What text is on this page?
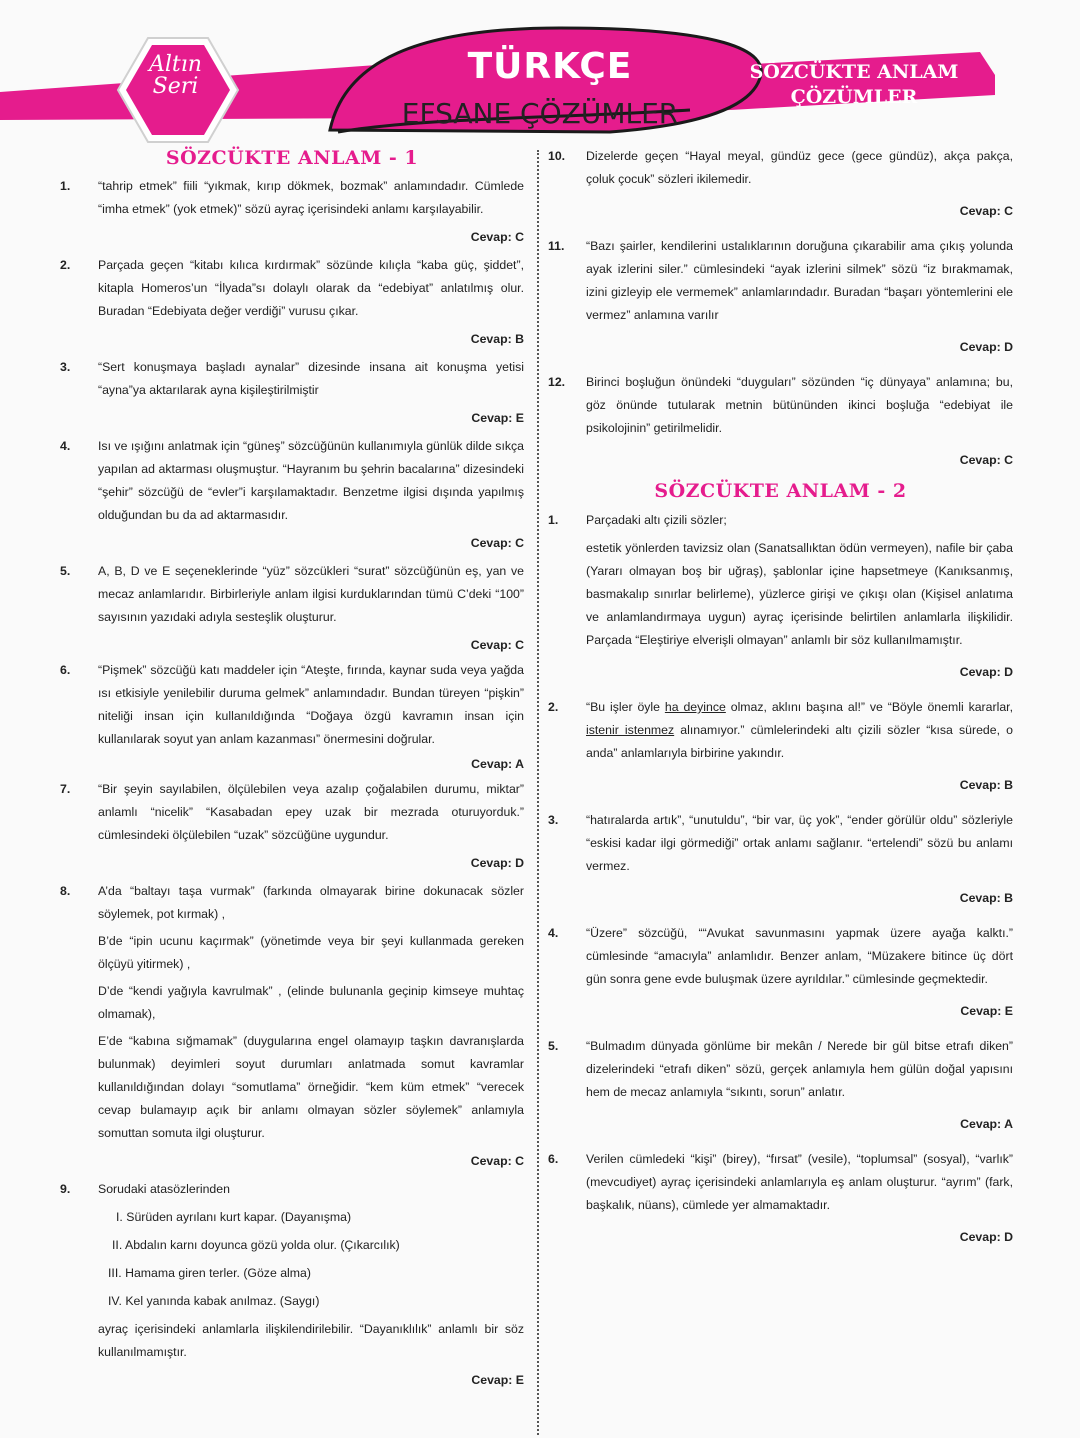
Altın
Seri	TÜRKÇE
EFSANE ÇÖZÜMLER
SÖZCÜKTE ANLAM
ÇÖZÜMLER
SÖZCÜKTE ANLAM - 1
1.	“tahrip etmek” fiili “yıkmak, kırıp dökmek, bozmak” anlamındadır. Cümlede “imha etmek” (yok etmek)” sözü ayraç içerisindeki anlamı karşılayabilir.
Cevap: C
2.	Parçada geçen “kitabı kılıca kırdırmak” sözünde kılıçla “kaba güç, şiddet”, kitapla Homeros’un “İlyada”sı dolaylı olarak da “edebiyat” anlatılmış olur. Buradan “Edebiyata değer verdiği” vurusu çıkar.
Cevap: B
3.	“Sert konuşmaya başladı aynalar” dizesinde insana ait konuşma yetisi “ayna”ya aktarılarak ayna kişileştirilmiştir
Cevap: E
4.	Isı ve ışığını anlatmak için “güneş” sözcüğünün kullanımıyla günlük dilde sıkça yapılan ad aktarması oluşmuştur. “Hayranım bu şehrin bacalarına” dizesindeki “şehir” sözcüğü de “evler”i karşılamaktadır. Benzetme ilgisi dışında yapılmış olduğundan bu da ad aktarmasıdır.
Cevap: C
5.	A, B, D ve E seçeneklerinde “yüz” sözcükleri “surat” sözcüğünün eş, yan ve mecaz anlamlarıdır. Birbirleriyle anlam ilgisi kurduklarından tümü C’deki “100” sayısının yazıdaki adıyla sesteşlik oluşturur.
Cevap: C
6.	“Pişmek” sözcüğü katı maddeler için “Ateşte, fırında, kaynar suda veya yağda ısı etkisiyle yenilebilir duruma gelmek” anlamındadır. Bundan türeyen “pişkin” niteliği insan için kullanıldığında “Doğaya özgü kavramın insan için kullanılarak soyut yan anlam kazanması” önermesini doğrular.
Cevap: A
7.	“Bir şeyin sayılabilen, ölçülebilen veya azalıp çoğalabilen durumu, miktar” anlamlı “nicelik” “Kasabadan epey uzak bir mezrada oturuyorduk.” cümlesindeki ölçülebilen “uzak” sözcüğüne uygundur.
Cevap: D
8.	A’da “baltayı taşa vurmak” (farkında olmayarak birine dokunacak sözler söylemek, pot kırmak) ,
B’de “ipin ucunu kaçırmak” (yönetimde veya bir şeyi kullanmada gereken ölçüyü yitirmek) ,
D’de “kendi yağıyla kavrulmak” , (elinde bulunanla geçinip kimseye muhtaç olmamak),
E’de “kabına sığmamak” (duygularına engel olamayıp taşkın davranışlarda bulunmak) deyimleri soyut durumları anlatmada somut kavramlar kullanıldığından dolayı “somutlama” örneğidir. “kem küm etmek” “verecek cevap bulamayıp açık bir anlamı olmayan sözler söylemek” anlamıyla somuttan somuta ilgi oluşturur.
Cevap: C
9.	Sorudaki atasözlerinden
I. Sürüden ayrılanı kurt kapar. (Dayanışma)
II. Abdalın karnı doyunca gözü yolda olur. (Çıkarcılık)
III. Hamama giren terler. (Göze alma)
IV. Kel yanında kabak anılmaz. (Saygı)
ayraç içerisindeki anlamlarla ilişkilendirilebilir. “Dayanıklılık” anlamlı bir söz kullanılmamıştır.
Cevap: E
10.	Dizelerde geçen “Hayal meyal, gündüz gece (gece gündüz), akça pakça, çoluk çocuk” sözleri ikilemedir.
Cevap: C
11.	“Bazı şairler, kendilerini ustalıklarının doruğuna çıkarabilir ama çıkış yolunda ayak izlerini siler.” cümlesindeki “ayak izlerini silmek” sözü “iz bırakmamak, izini gizleyip ele vermemek” anlamlarındadır. Buradan “başarı yöntemlerini ele vermez” anlamına varılır
Cevap: D
12.	Birinci boşluğun önündeki “duyguları” sözünden “iç dünyaya” anlamına; bu, göz önünde tutularak metnin bütününden ikinci boşluğa “edebiyat ile psikolojinin” getirilmelidir.
Cevap: C
SÖZCÜKTE ANLAM - 2
1.	Parçadaki altı çizili sözler;
estetik yönlerden tavizsiz olan (Sanatsallıktan ödün vermeyen), nafile bir çaba (Yararı olmayan boş bir uğraş), şablonlar içine hapsetmeye (Kanıksanmış, basmakalıp sınırlar belirleme), yüzlerce girişi ve çıkışı olan (Kişisel anlatıma ve anlamlandırmaya uygun) ayraç içerisinde belirtilen anlamlarla ilişkilidir. Parçada “Eleştiriye elverişli olmayan” anlamlı bir söz kullanılmamıştır.
Cevap: D
2.	“Bu işler öyle ha deyince olmaz, aklını başına al!” ve “Böyle önemli kararlar, istenir istenmez alınamıyor.” cümlelerindeki altı çizili sözler “kısa sürede, o anda” anlamlarıyla birbirine yakındır.
Cevap: B
3.	“hatıralarda artık”, “unutuldu”, “bir var, üç yok”, “ender görülür oldu” sözleriyle “eskisi kadar ilgi görmediği” ortak anlamı sağlanır. “ertelendi” sözü bu anlamı vermez.
Cevap: B
4.	“Üzere” sözcüğü, ““Avukat savunmasını yapmak üzere ayağa kalktı.” cümlesinde “amacıyla” anlamlıdır. Benzer anlam, “Müzakere bitince üç dört gün sonra gene evde buluşmak üzere ayrıldılar.” cümlesinde geçmektedir.
Cevap: E
5.	“Bulmadım dünyada gönlüme bir mekân / Nerede bir gül bitse etrafı diken” dizelerindeki “etrafı diken” sözü, gerçek anlamıyla hem gülün doğal yapısını hem de mecaz anlamıyla “sıkıntı, sorun” anlatır.
Cevap: A
6.	Verilen cümledeki “kişi” (birey), “fırsat” (vesile), “toplumsal” (sosyal), “varlık” (mevcudiyet) ayraç içerisindeki anlamlarıyla eş anlam oluşturur. “ayrım” (fark, başkalık, nüans), cümlede yer almamaktadır.
Cevap: D
